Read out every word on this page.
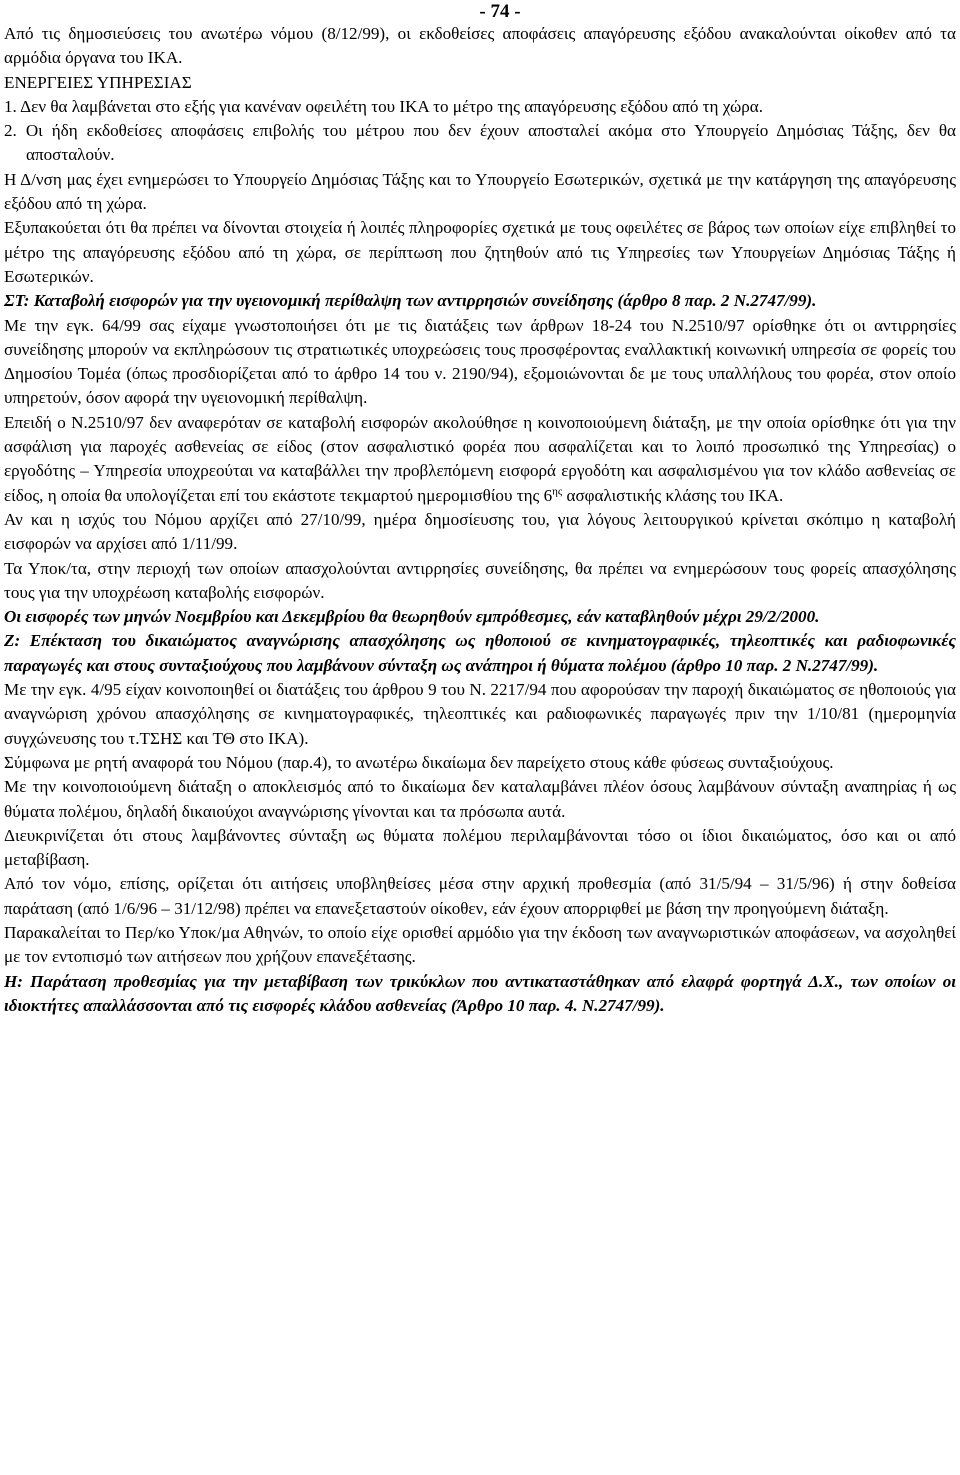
- 74 -

Από τις δημοσιεύσεις του ανωτέρω νόμου (8/12/99), οι εκδοθείσες αποφάσεις απαγόρευσης εξόδου ανακαλούνται οίκοθεν από τα αρμόδια όργανα του ΙΚΑ.

ΕΝΕΡΓΕΙΕΣ ΥΠΗΡΕΣΙΑΣ

1. Δεν θα λαμβάνεται στο εξής για κανέναν οφειλέτη του ΙΚΑ το μέτρο της απαγόρευσης εξόδου από τη χώρα.

2. Οι ήδη εκδοθείσες αποφάσεις επιβολής του μέτρου που δεν έχουν αποσταλεί ακόμα στο Υπουργείο Δημόσιας Τάξης, δεν θα αποσταλούν.

Η Δ/νση μας έχει ενημερώσει το Υπουργείο Δημόσιας Τάξης και το Υπουργείο Εσωτερικών, σχετικά με την κατάργηση της απαγόρευσης εξόδου από τη χώρα.

Εξυπακούεται ότι θα πρέπει να δίνονται στοιχεία ή λοιπές πληροφορίες σχετικά με τους οφειλέτες σε βάρος των οποίων είχε επιβληθεί το μέτρο της απαγόρευσης εξόδου από τη χώρα, σε περίπτωση που ζητηθούν από τις Υπηρεσίες των Υπουργείων Δημόσιας Τάξης ή Εσωτερικών.

ΣΤ: Καταβολή εισφορών για την υγειονομική περίθαλψη των αντιρρησιών συνείδησης (άρθρο 8 παρ. 2 Ν.2747/99).

Με την εγκ. 64/99 σας είχαμε γνωστοποιήσει ότι με τις διατάξεις των άρθρων 18-24 του Ν.2510/97 ορίσθηκε ότι οι αντιρρησίες συνείδησης μπορούν να εκπληρώσουν τις στρατιωτικές υποχρεώσεις τους προσφέροντας εναλλακτική κοινωνική υπηρεσία σε φορείς του Δημοσίου Τομέα (όπως προσδιορίζεται από το άρθρο 14 του ν. 2190/94), εξομοιώνονται δε με τους υπαλλήλους του φορέα, στον οποίο υπηρετούν, όσον αφορά την υγειονομική περίθαλψη.

Επειδή ο Ν.2510/97 δεν αναφερόταν σε καταβολή εισφορών ακολούθησε η κοινοποιούμενη διάταξη, με την οποία ορίσθηκε ότι για την ασφάλιση για παροχές ασθενείας σε είδος (στον ασφαλιστικό φορέα που ασφαλίζεται και το λοιπό προσωπικό της Υπηρεσίας) ο εργοδότης – Υπηρεσία υποχρεούται να καταβάλλει την προβλεπόμενη εισφορά εργοδότη και ασφαλισμένου για τον κλάδο ασθενείας σε είδος, η οποία θα υπολογίζεται επί του εκάστοτε τεκμαρτού ημερομισθίου της $6^{\eta\varsigma}$ ασφαλιστικής κλάσης του ΙΚΑ.

Αν και η ισχύς του Νόμου αρχίζει από 27/10/99, ημέρα δημοσίευσης του, για λόγους λειτουργικού κρίνεται σκόπιμο η καταβολή εισφορών να αρχίσει από 1/11/99.

Τα Υποκ/τα, στην περιοχή των οποίων απασχολούνται αντιρρησίες συνείδησης, θα πρέπει να ενημερώσουν τους φορείς απασχόλησης τους για την υποχρέωση καταβολής εισφορών.

Οι εισφορές των μηνών Νοεμβρίου και Δεκεμβρίου θα θεωρηθούν εμπρόθεσμες, εάν καταβληθούν μέχρι 29/2/2000.

Ζ: Επέκταση του δικαιώματος αναγνώρισης απασχόλησης ως ηθοποιού σε κινηματογραφικές, τηλεοπτικές και ραδιοφωνικές παραγωγές και στους συνταξιούχους που λαμβάνουν σύνταξη ως ανάπηροι ή θύματα πολέμου (άρθρο 10 παρ. 2 Ν.2747/99).

Με την εγκ. 4/95 είχαν κοινοποιηθεί οι διατάξεις του άρθρου 9 του Ν. 2217/94 που αφορούσαν την παροχή δικαιώματος σε ηθοποιούς για αναγνώριση χρόνου απασχόλησης σε κινηματογραφικές, τηλεοπτικές και ραδιοφωνικές παραγωγές πριν την 1/10/81 (ημερομηνία συγχώνευσης του τ.ΤΣΗΣ και ΤΘ στο ΙΚΑ).

Σύμφωνα με ρητή αναφορά του Νόμου (παρ.4), το ανωτέρω δικαίωμα δεν παρείχετο στους κάθε φύσεως συνταξιούχους.

Με την κοινοποιούμενη διάταξη ο αποκλεισμός από το δικαίωμα δεν καταλαμβάνει πλέον όσους λαμβάνουν σύνταξη αναπηρίας ή ως θύματα πολέμου, δηλαδή δικαιούχοι αναγνώρισης γίνονται και τα πρόσωπα αυτά.

Διευκρινίζεται ότι στους λαμβάνοντες σύνταξη ως θύματα πολέμου περιλαμβάνονται τόσο οι ίδιοι δικαιώματος, όσο και οι από μεταβίβαση.

Από τον νόμο, επίσης, ορίζεται ότι αιτήσεις υποβληθείσες μέσα στην αρχική προθεσμία (από 31/5/94 – 31/5/96) ή στην δοθείσα παράταση (από 1/6/96 – 31/12/98) πρέπει να επανεξεταστούν οίκοθεν, εάν έχουν απορριφθεί με βάση την προηγούμενη διάταξη.

Παρακαλείται το Περ/κο Υποκ/μα Αθηνών, το οποίο είχε ορισθεί αρμόδιο για την έκδοση των αναγνωριστικών αποφάσεων, να ασχοληθεί με τον εντοπισμό των αιτήσεων που χρήζουν επανεξέτασης.

Η: Παράταση προθεσμίας για την μεταβίβαση των τρικύκλων που αντικαταστάθηκαν από ελαφρά φορτηγά Δ.Χ., των οποίων οι ιδιοκτήτες απαλλάσσονται από τις εισφορές κλάδου ασθενείας (Άρθρο 10 παρ. 4. Ν.2747/99).
